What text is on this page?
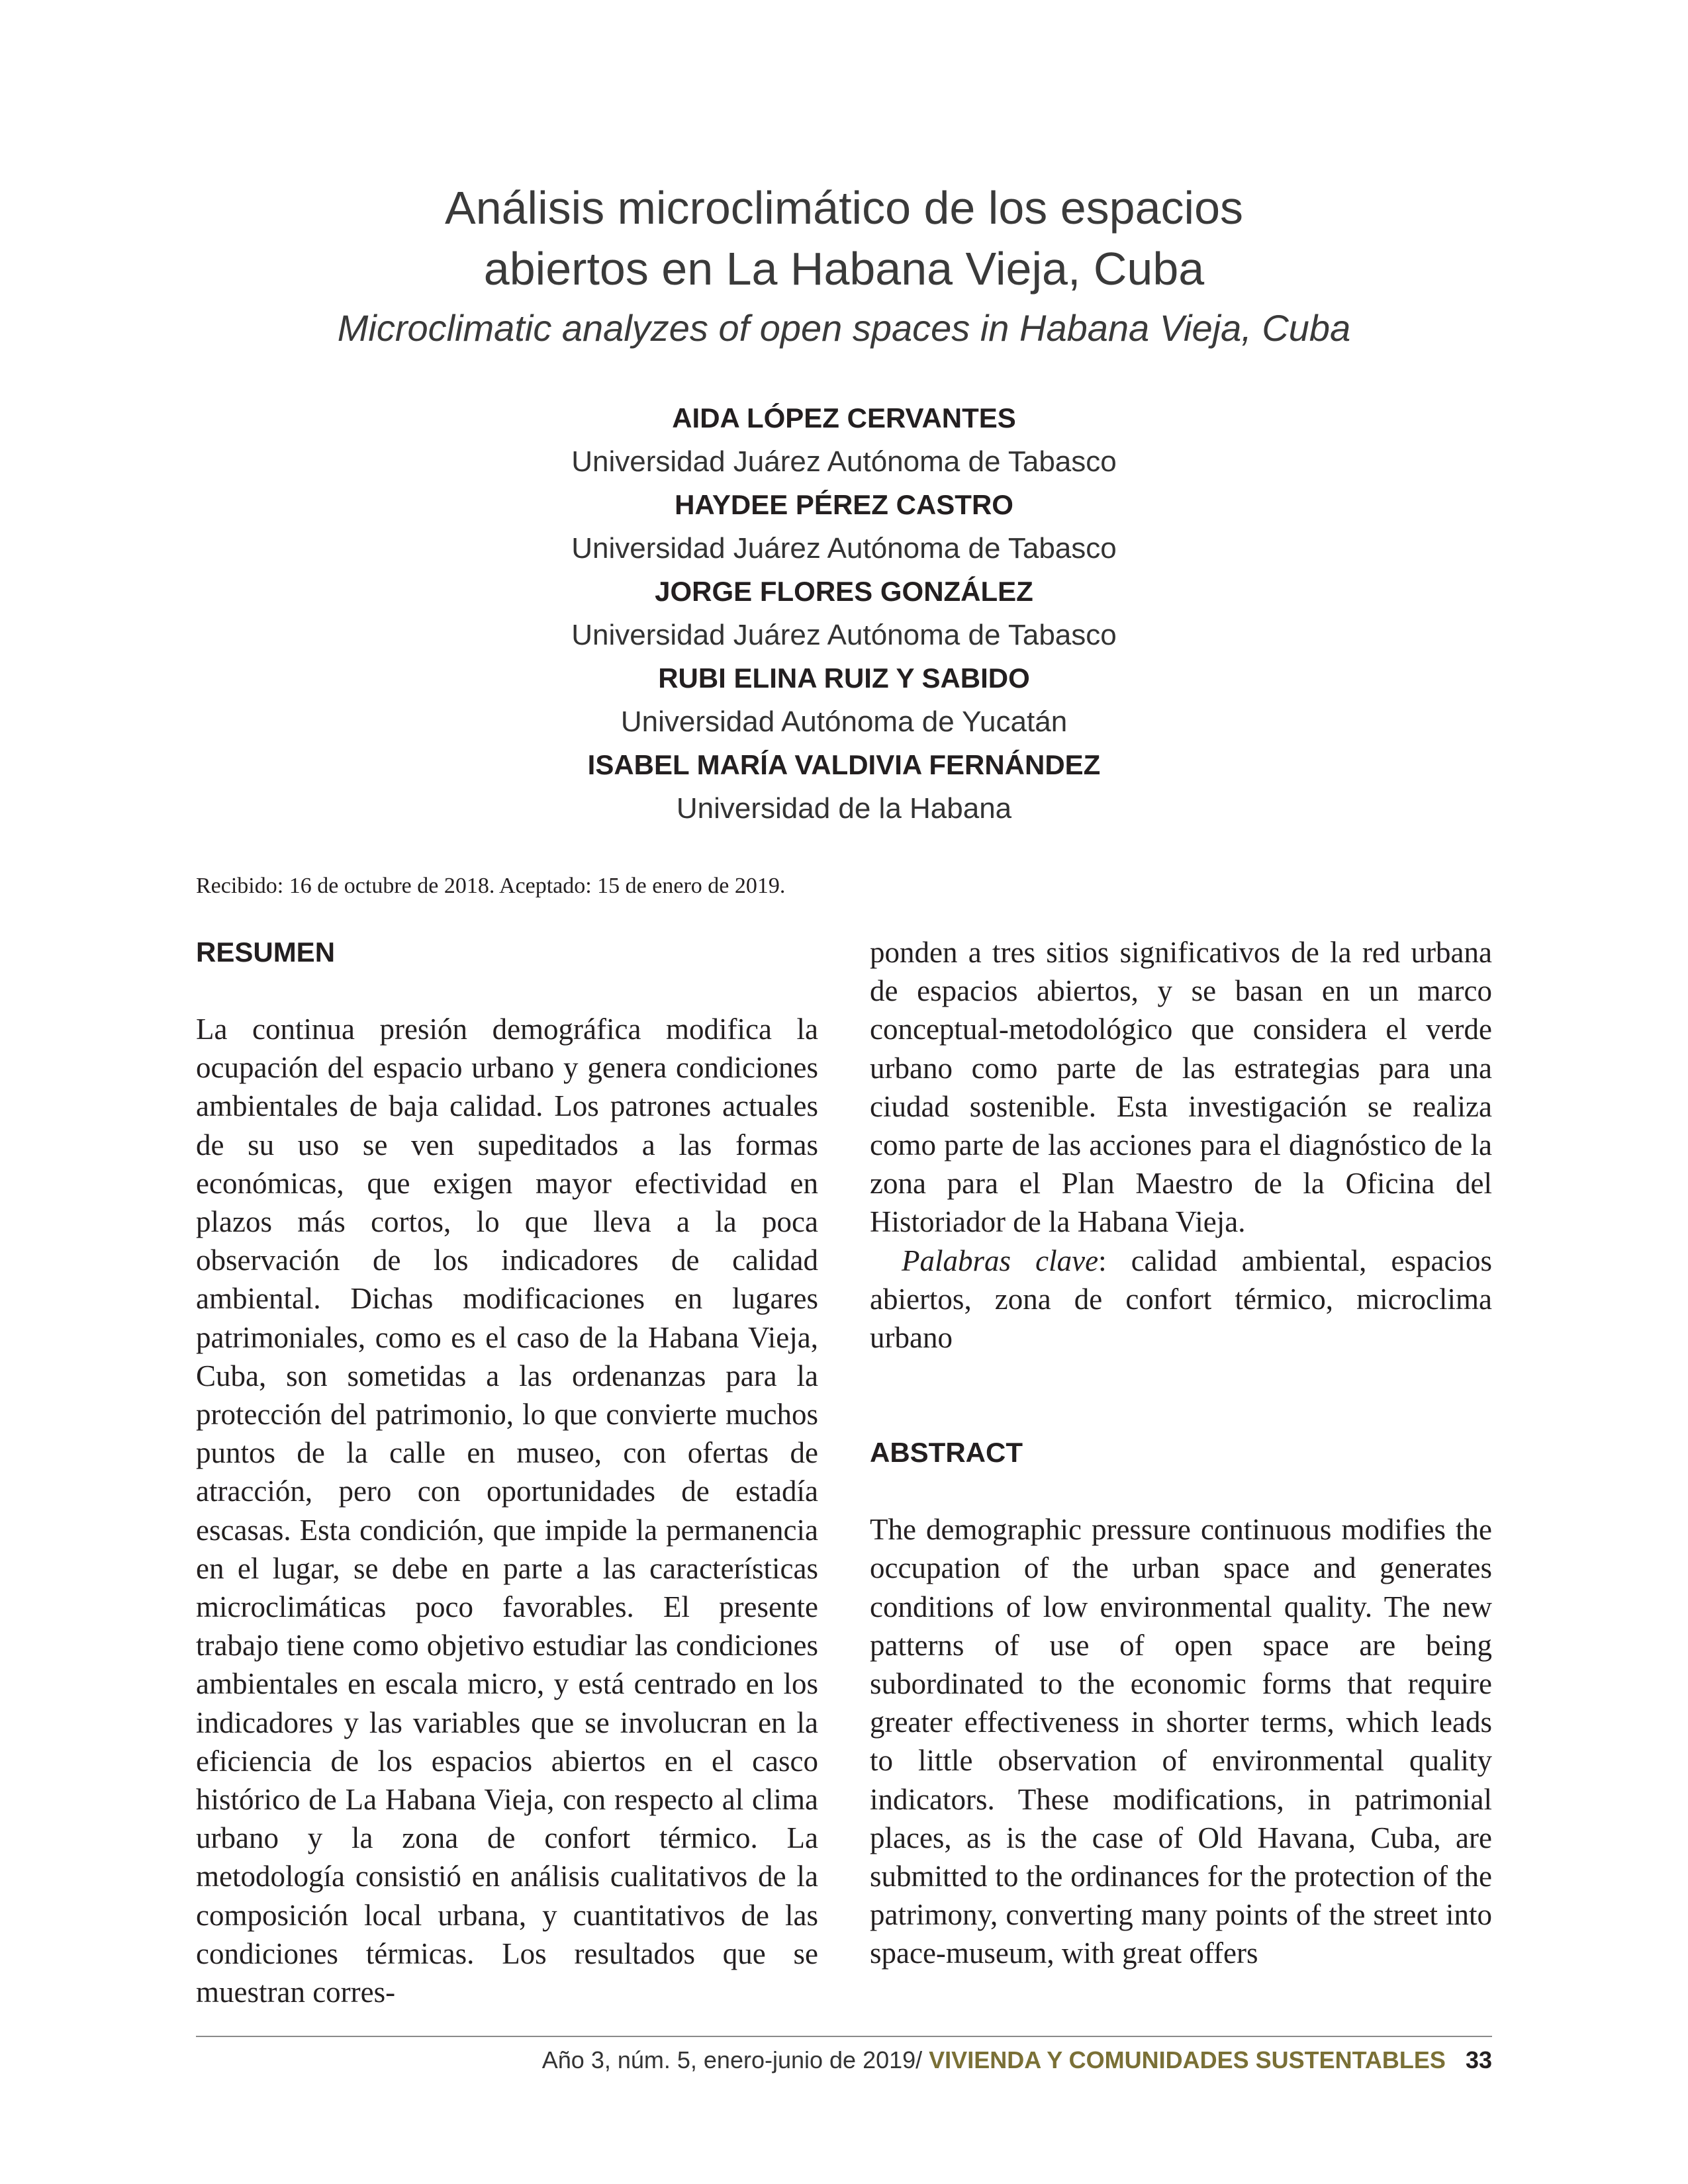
Análisis microclimático de los espacios
abiertos en La Habana Vieja, Cuba
Microclimatic analyzes of open spaces in Habana Vieja, Cuba
AIDA LÓPEZ CERVANTES
Universidad Juárez Autónoma de Tabasco
HAYDEE PÉREZ CASTRO
Universidad Juárez Autónoma de Tabasco
JORGE FLORES GONZÁLEZ
Universidad Juárez Autónoma de Tabasco
RUBI ELINA RUIZ Y SABIDO
Universidad Autónoma de Yucatán
ISABEL MARÍA VALDIVIA FERNÁNDEZ
Universidad de la Habana
Recibido: 16 de octubre de 2018. Aceptado: 15 de enero de 2019.
RESUMEN
La continua presión demográfica modifica la ocupación del espacio urbano y genera condiciones ambientales de baja calidad. Los patrones actuales de su uso se ven supeditados a las formas económicas, que exigen mayor efectividad en plazos más cortos, lo que lleva a la poca observación de los indicadores de calidad ambiental. Dichas modificaciones en lugares patrimoniales, como es el caso de la Habana Vieja, Cuba, son sometidas a las ordenanzas para la protección del patrimonio, lo que convierte muchos puntos de la calle en museo, con ofertas de atracción, pero con oportunidades de estadía escasas. Esta condición, que impide la permanencia en el lugar, se debe en parte a las características microclimáticas poco favorables. El presente trabajo tiene como objetivo estudiar las condiciones ambientales en escala micro, y está centrado en los indicadores y las variables que se involucran en la eficiencia de los espacios abiertos en el casco histórico de La Habana Vieja, con respecto al clima urbano y la zona de confort térmico. La metodología consistió en análisis cualitativos de la composición local urbana, y cuantitativos de las condiciones térmicas. Los resultados que se muestran corres-
ponden a tres sitios significativos de la red urbana de espacios abiertos, y se basan en un marco conceptual-metodológico que considera el verde urbano como parte de las estrategias para una ciudad sostenible. Esta investigación se realiza como parte de las acciones para el diagnóstico de la zona para el Plan Maestro de la Oficina del Historiador de la Habana Vieja.
Palabras clave: calidad ambiental, espacios abiertos, zona de confort térmico, microclima urbano
ABSTRACT
The demographic pressure continuous modifies the occupation of the urban space and generates conditions of low environmental quality. The new patterns of use of open space are being subordinated to the economic forms that require greater effectiveness in shorter terms, which leads to little observation of environmental quality indicators. These modifications, in patrimonial places, as is the case of Old Havana, Cuba, are submitted to the ordinances for the protection of the patrimony, converting many points of the street into space-museum, with great offers
Año 3, núm. 5, enero-junio de 2019/ VIVIENDA Y COMUNIDADES SUSTENTABLES 33
